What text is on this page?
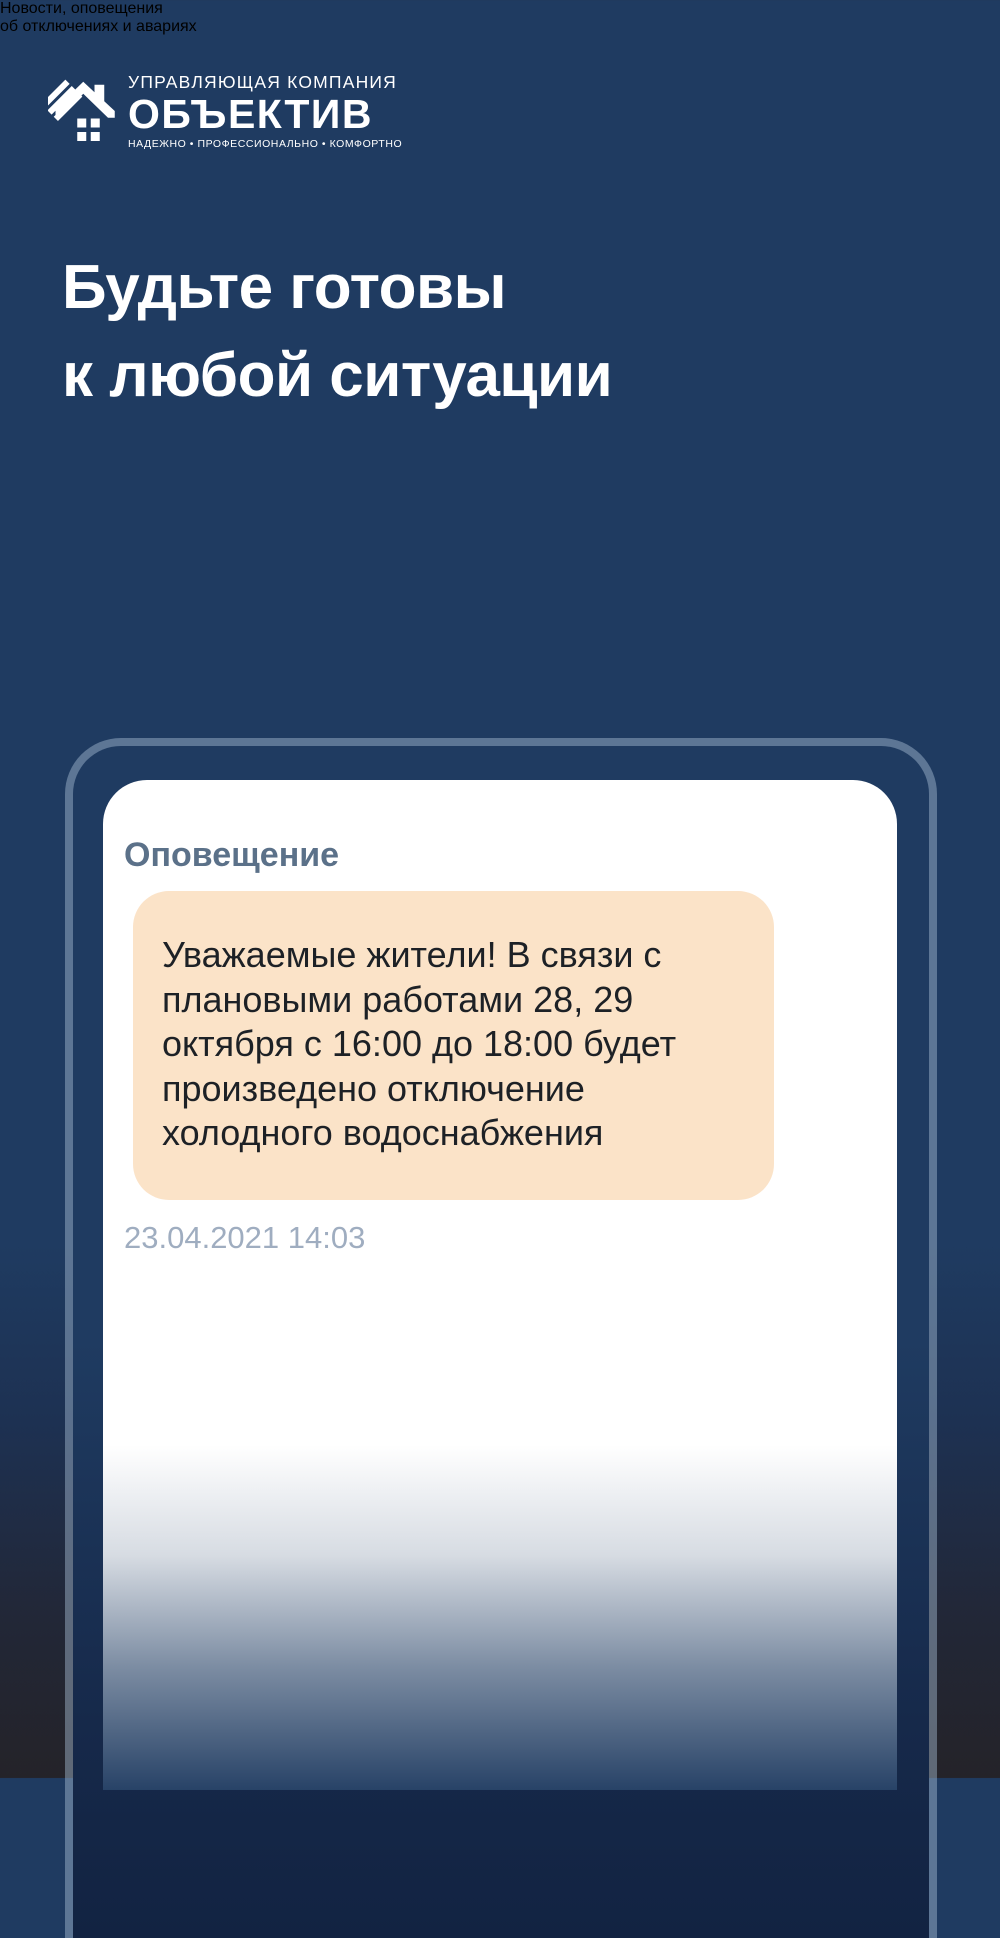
УПРАВЛЯЮЩАЯ КОМПАНИЯ
ОБЪЕКТИВ
НАДЕЖНО • ПРОФЕССИОНАЛЬНО • КОМФОРТНО
Будьте готовы
к любой ситуации

Новости, оповещения
об отключениях и авариях

Оповещение
Уважаемые жители! В связи с
плановыми работами 28, 29
октября с 16:00 до 18:00 будет
произведено отключение
холодного водоснабжения
23.04.2021 14:03
